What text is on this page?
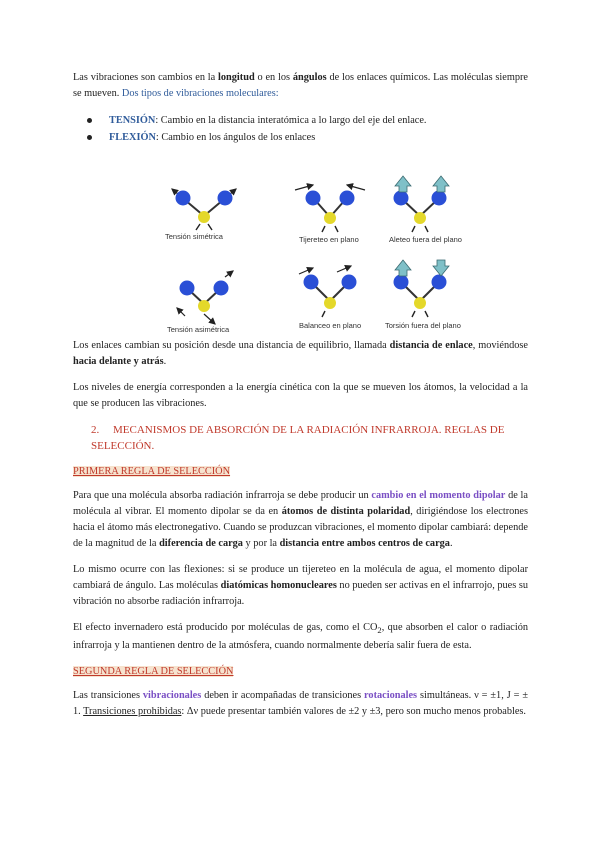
Las vibraciones son cambios en la longitud o en los ángulos de los enlaces químicos. Las moléculas siempre se mueven. Dos tipos de vibraciones moleculares:

TENSIÓN: Cambio en la distancia interatómica a lo largo del eje del enlace.
FLEXIÓN: Cambio en los ángulos de los enlaces
Tensión simétrica
Tensión asimétrica
Tijereteo en plano
Balanceo en plano
Aleteo fuera del plano
Torsión fuera del plano

Los enlaces cambian su posición desde una distancia de equilibrio, llamada distancia de enlace, moviéndose hacia delante y atrás.

Los niveles de energía corresponden a la energía cinética con la que se mueven los átomos, la velocidad a la que se producen las vibraciones.

2. MECANISMOS DE ABSORCIÓN DE LA RADIACIÓN INFRARROJA. REGLAS DE SELECCIÓN.
PRIMERA REGLA DE SELECCIÓN

Para que una molécula absorba radiación infrarroja se debe producir un cambio en el momento dipolar de la molécula al vibrar. El momento dipolar se da en átomos de distinta polaridad, dirigiéndose los electrones hacia el átomo más electronegativo. Cuando se produzcan vibraciones, el momento dipolar cambiará: depende de la magnitud de la diferencia de carga y por la distancia entre ambos centros de carga.

Lo mismo ocurre con las flexiones: si se produce un tijereteo en la molécula de agua, el momento dipolar cambiará de ángulo. Las moléculas diatómicas homonucleares no pueden ser activas en el infrarrojo, pues su vibración no absorbe radiación infrarroja.

El efecto invernadero está producido por moléculas de gas, como el $CO_2$, que absorben el calor o radiación infrarroja y la mantienen dentro de la atmósfera, cuando normalmente debería salir fuera de esta.

SEGUNDA REGLA DE SELECCIÓN

Las transiciones vibracionales deben ir acompañadas de transiciones rotacionales simultáneas. ν = ±1, J = ± 1. Transiciones prohibidas: Δν puede presentar también valores de ±2 y ±3, pero son mucho menos probables.
